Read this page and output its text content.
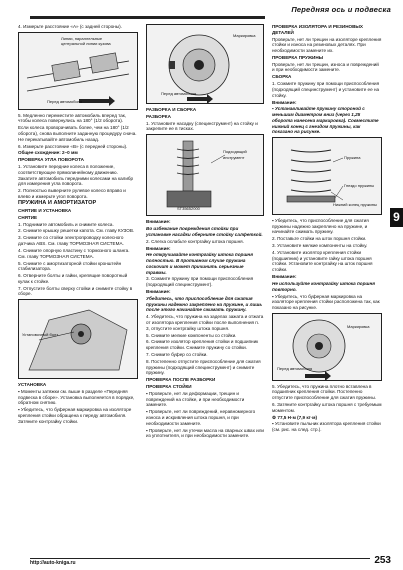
Передняя ось и подвеска
9

4. Измерьте расстояние «A» (с задней стороны).

Линии, параллельные центральной линии кузова
Перед автомобиля

5. Медленно переместите автомобиль вперед так, чтобы колеса повернулись на 180° (1/2 оборота).

Если колеса проворачивать более, чем на 180° (1/2 оборота), снова выполните заданную процедуру снача. Не перекатывайте автомобиль назад.

6. Измерьте расстояние «B» (с передней стороны).

Общее схождение: 2–0 мм

ПРОВЕРКА УГЛА ПОВОРОТА

1. Установите передние колеса в положение, соответствующее прямолинейному движению. Закатите автомобиль передними колесами на калибр для измерения угла поворота.

2. Полностью выверните рулевое колесо вправо и влево и измерьте угол поворота.

ПРУЖИНА И АМОРТИЗАТОР

СНЯТИЕ И УСТАНОВКА

СНЯТИЕ

1. Поднимите автомобиль и снимите колеса.

2. Снимите крышку решетки капота. См. главу КУЗОВ.

3. Снимите со стойки электропроводку колесного датчика ABS. См. главу ТОРМОЗНАЯ СИСТЕМА.

4. Снимите опорную пластину с тормозного шланга. См. главу ТОРМОЗНАЯ СИСТЕМА.

5. Снимите с амортизаторной стойки кронштейн стабилизатора.

6. Отверните болты и гайки, крепящие поворотный кулак к стойке.

7. Отпустите болты сверху стойки и снимите стойку в сборе.

Установочный болт

УСТАНОВКА

▪ Моменты затяжки см. выше в разделе «Передняя подвеска в сборе». Установка выполняется в порядке, обратном снятию.

▪ Убедитесь, что буферная маркировка на изоляторе крепления стойки обращена к переду автомобиля. Затяните контргайку стойки.

Маркировка
Перед автомобиля

РАЗБОРКА И СБОРКА

РАЗБОРКА

1. Установите насадку (специнструмент) на стойку и закрепите ее в тисках.

Подходящий инструмент
ST35652000

Внимание:

Во избежание повреждения стойки при установке насадки оберните стойку салфеткой.

2. Слегка ослабьте контргайку штока поршня.

Внимание:

Не откручивайте контргайку штока поршня полностью. В противном случае пружина соскочит и может причинить серьезные травмы.

3. Сожмите пружину при помощи приспособления (подходящий специнструмент).

Внимание:

Убедитесь, что приспособление для сжатия пружины надежно закреплено на пружине, и лишь после этого начинайте сжимать пружину.

4. Убедитесь, что пружина на заделах зажата и отжата от изолятора крепления стойки после выполнения п. 3, отпустите контргайку штока поршня.

5. Снимите мелкие компоненты со стойки.

6. Снимите изолятор крепления стойки и подшипник крепления стойки. Снимите пружину со стойки.

7. Снимите буфер со стойки.

8. Постепенно отпустите приспособление для сжатия пружины (подходящий специнструмент) и снимите пружину.

ПРОВЕРКА ПОСЛЕ РАЗБОРКИ

ПРОВЕРКА СТОЙКИ

▪ Проверьте, нет ли деформации, трещин и повреждений на стойке, и при необходимости замените.

▪ Проверьте, нет ли повреждений, неравномерного износа и искривления штока поршня, и при необходимости замените.

▪ Проверьте, нет ли утечки масла на сварных швах или из уплотнителя, и при необходимости замените.

ПРОВЕРКА ИЗОЛЯТОРА И РЕЗИНОВЫХ ДЕТАЛЕЙ

Проверьте, нет ли трещин на изоляторе крепления стойки и износа на резиновых деталях. При необходимости замените их.

ПРОВЕРКА ПРУЖИНЫ

Проверьте, нет ли трещин, износа и повреждений и при необходимости замените.

СБОРКА

1. Сожмите пружину при помощи приспособления (подходящий специнструмент) и установите ее на стойку.

Внимание:

▪ Устанавливайте пружину стороной с меньшим диаметром вниз (через 1,25 оборота нанесена маркировка). Совместите нижний конец с гнездом пружины, как показано на рисунке.

Пружина
Гнездо пружины
Нижний конец пружины

▪ Убедитесь, что приспособление для сжатия пружины надежно закреплено на пружине, и начинайте сжимать пружину.

2. Поставьте стойки на шток поршня стойки.

3. Установите мелкие компоненты на стойку.

4. Установите изолятор крепления стойки (подшипник) и установите гайку штока поршня стойки. Установите контргайку на шток поршня стойки.

Внимание:

Не используйте контргайку штока поршня повторно.

▪ Убедитесь, что буферная маркировка на изоляторе крепления стойки расположена так, как показано на рисунке.

Маркировка
Перед автомобиля

5. Убедитесь, что пружина плотно вставлена в подшипник крепления стойки. Постепенно отпустите приспособление для сжатия пружины.

6. Затяните контргайку штока поршня с требуемым моментом.

⚙ 77,5 Н·м (7,9 кг·м)

▪ Установите пыльник изолятора крепления стойки (см. рис. на след. стр.).

http://auto-knigа.ru	253
